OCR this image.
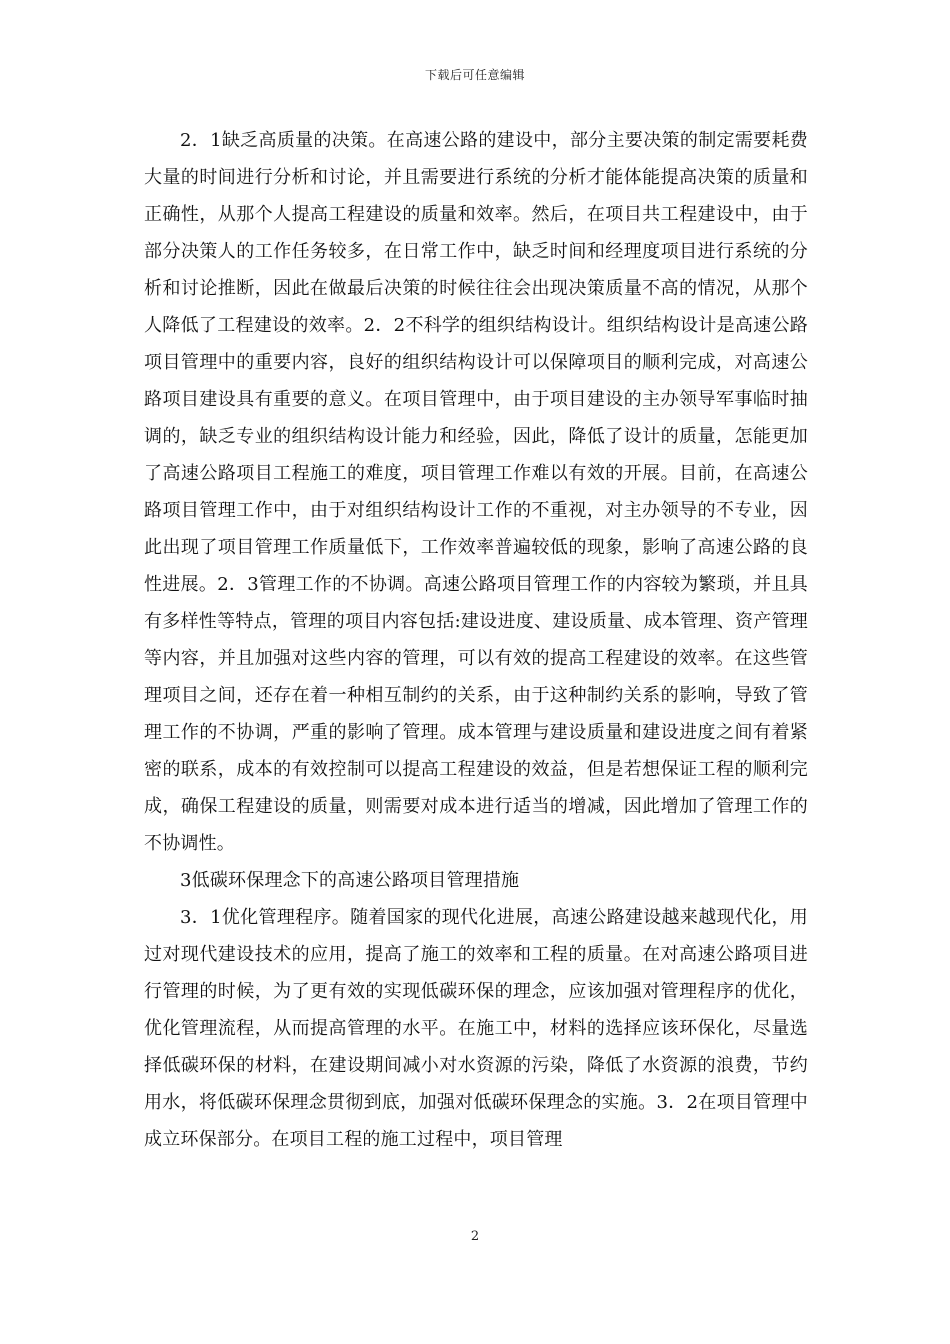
下载后可任意编辑

2．1缺乏高质量的决策。在高速公路的建设中，部分主要决策的制定需要耗费大量的时间进行分析和讨论，并且需要进行系统的分析才能体能提高决策的质量和正确性，从那个人提高工程建设的质量和效率。然后，在项目共工程建设中，由于部分决策人的工作任务较多，在日常工作中，缺乏时间和经理度项目进行系统的分析和讨论推断，因此在做最后决策的时候往往会出现决策质量不高的情况，从那个人降低了工程建设的效率。2．2不科学的组织结构设计。组织结构设计是高速公路项目管理中的重要内容，良好的组织结构设计可以保障项目的顺利完成，对高速公路项目建设具有重要的意义。在项目管理中，由于项目建设的主办领导军事临时抽调的，缺乏专业的组织结构设计能力和经验，因此，降低了设计的质量，怎能更加了高速公路项目工程施工的难度，项目管理工作难以有效的开展。目前，在高速公路项目管理工作中，由于对组织结构设计工作的不重视，对主办领导的不专业，因此出现了项目管理工作质量低下，工作效率普遍较低的现象，影响了高速公路的良性进展。2．3管理工作的不协调。高速公路项目管理工作的内容较为繁琐，并且具有多样性等特点，管理的项目内容包括:建设进度、建设质量、成本管理、资产管理等内容，并且加强对这些内容的管理，可以有效的提高工程建设的效率。在这些管理项目之间，还存在着一种相互制约的关系，由于这种制约关系的影响，导致了管理工作的不协调，严重的影响了管理。成本管理与建设质量和建设进度之间有着紧密的联系，成本的有效控制可以提高工程建设的效益，但是若想保证工程的顺利完成，确保工程建设的质量，则需要对成本进行适当的增减，因此增加了管理工作的不协调性。

3低碳环保理念下的高速公路项目管理措施

3．1优化管理程序。随着国家的现代化进展，高速公路建设越来越现代化，用过对现代建设技术的应用，提高了施工的效率和工程的质量。在对高速公路项目进行管理的时候，为了更有效的实现低碳环保的理念，应该加强对管理程序的优化，优化管理流程，从而提高管理的水平。在施工中，材料的选择应该环保化，尽量选择低碳环保的材料，在建设期间减小对水资源的污染，降低了水资源的浪费，节约用水，将低碳环保理念贯彻到底，加强对低碳环保理念的实施。3．2在项目管理中成立环保部分。在项目工程的施工过程中，项目管理

2
